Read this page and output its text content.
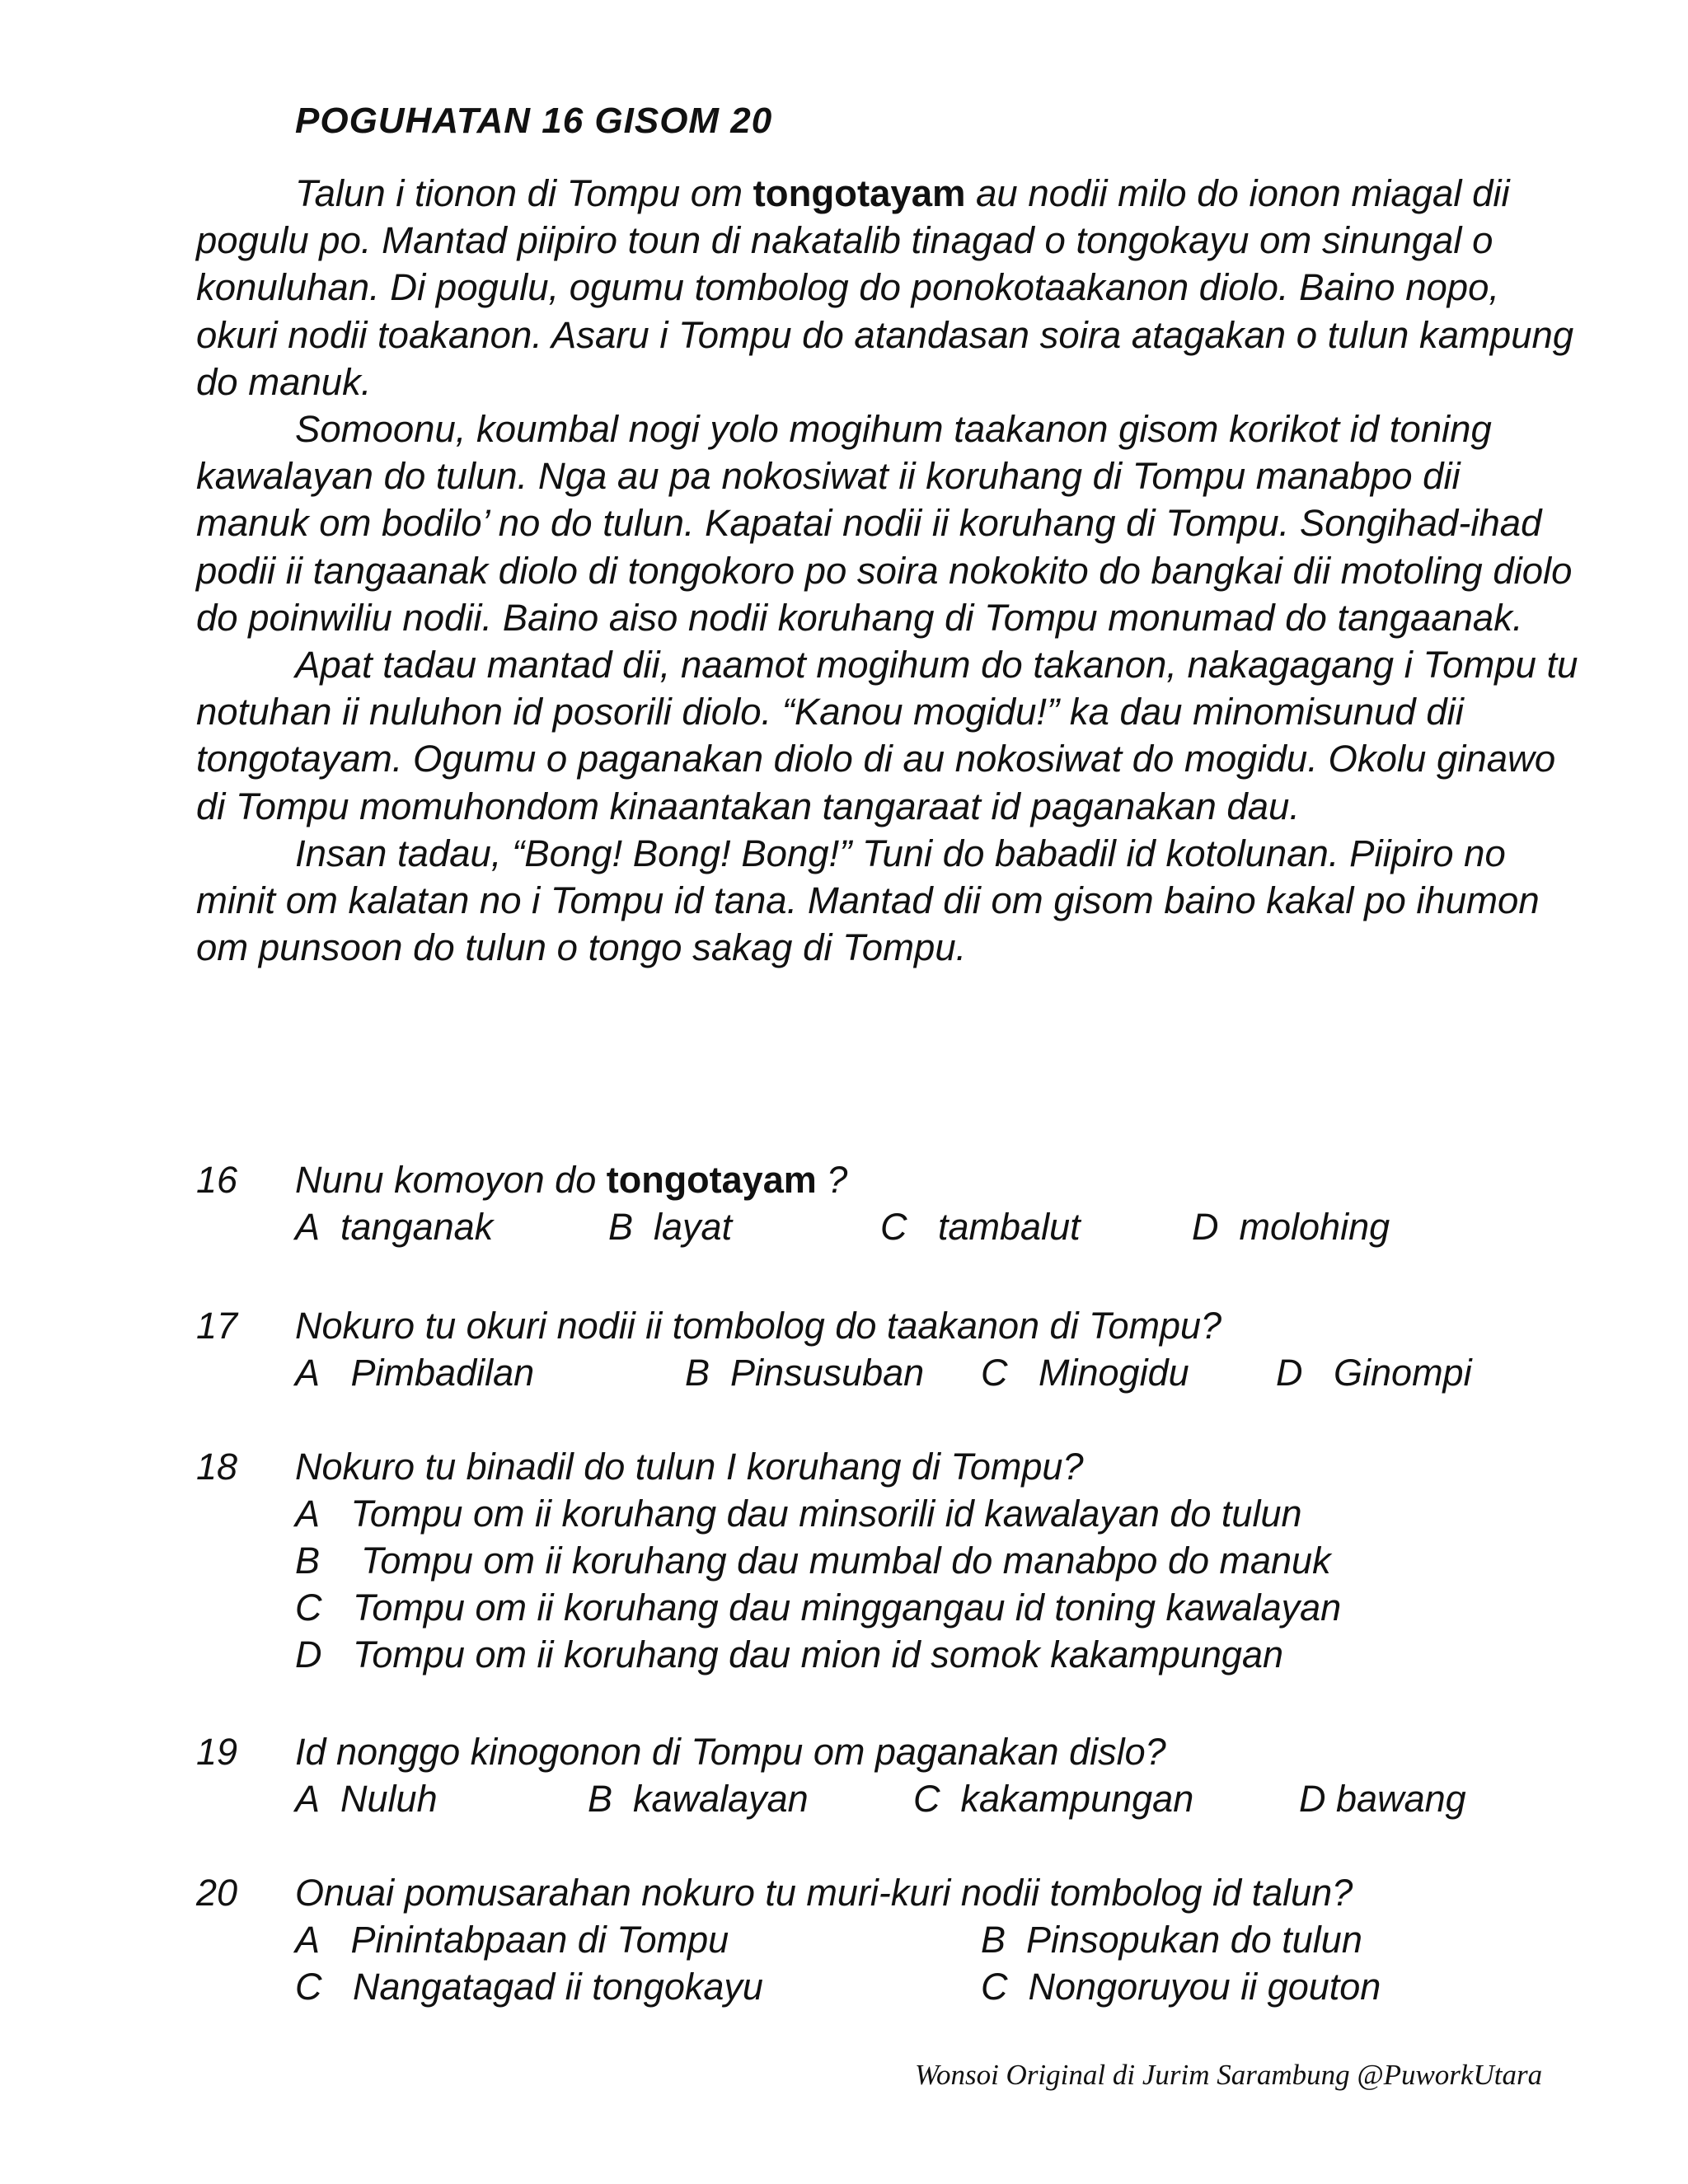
POGUHATAN 16 GISOM 20

Talun i tionon di Tompu om tongotayam au nodii milo do ionon miagal dii pogulu po. Mantad piipiro toun di nakatalib tinagad o tongokayu om sinungal o konuluhan. Di pogulu, ogumu tombolog do ponokotaakanon diolo. Baino nopo, okuri nodii toakanon. Asaru i Tompu do atandasan soira atagakan o tulun kampung do manuk.

Somoonu, koumbal nogi yolo mogihum taakanon gisom korikot id toning kawalayan do tulun. Nga au pa nokosiwat ii koruhang di Tompu manabpo dii manuk om bodilo’ no do tulun. Kapatai nodii ii koruhang di Tompu. Songihad-ihad podii ii tangaanak diolo di tongokoro po soira nokokito do bangkai dii motoling diolo do poinwiliu nodii. Baino aiso nodii koruhang di Tompu monumad do tangaanak.

Apat tadau mantad dii, naamot mogihum do takanon, nakagagang i Tompu tu notuhan ii nuluhon id posorili diolo. “Kanou mogidu!” ka dau minomisunud dii tongotayam. Ogumu o paganakan diolo di au nokosiwat do mogidu. Okolu ginawo di Tompu momuhondom kinaantakan tangaraat id paganakan dau.

Insan tadau, “Bong! Bong! Bong!” Tuni do babadil id kotolunan. Piipiro no minit om kalatan no i Tompu id tana. Mantad dii om gisom baino kakal po ihumon om punsoon do tulun o tongo sakag di Tompu.

16	Nunu komoyon do tongotayam ?
A tanganak	B layat	C tambalut	D molohing
17	Nokuro tu okuri nodii ii tombolog do taakanon di Tompu?
A Pimbadilan	B Pinsusuban C Minogidu D Ginompi
18	Nokuro tu binadil do tulun I koruhang di Tompu?
A Tompu om ii koruhang dau minsorili id kawalayan do tulun
B Tompu om ii koruhang dau mumbal do manabpo do manuk
C Tompu om ii koruhang dau minggangau id toning kawalayan
D Tompu om ii koruhang dau mion id somok kakampungan
19	Id nonggo kinogonon di Tompu om paganakan dislo?
A Nuluh	B kawalayan	C kakampungan	D bawang
20	Onuai pomusarahan nokuro tu muri-kuri nodii tombolog id talun?
A Pinintabpaan di Tompu	B Pinsopukan do tulun
C Nangatagad ii tongokayu	C Nongoruyou ii gouton
Wonsoi Original di Jurim Sarambung @PuworkUtara
